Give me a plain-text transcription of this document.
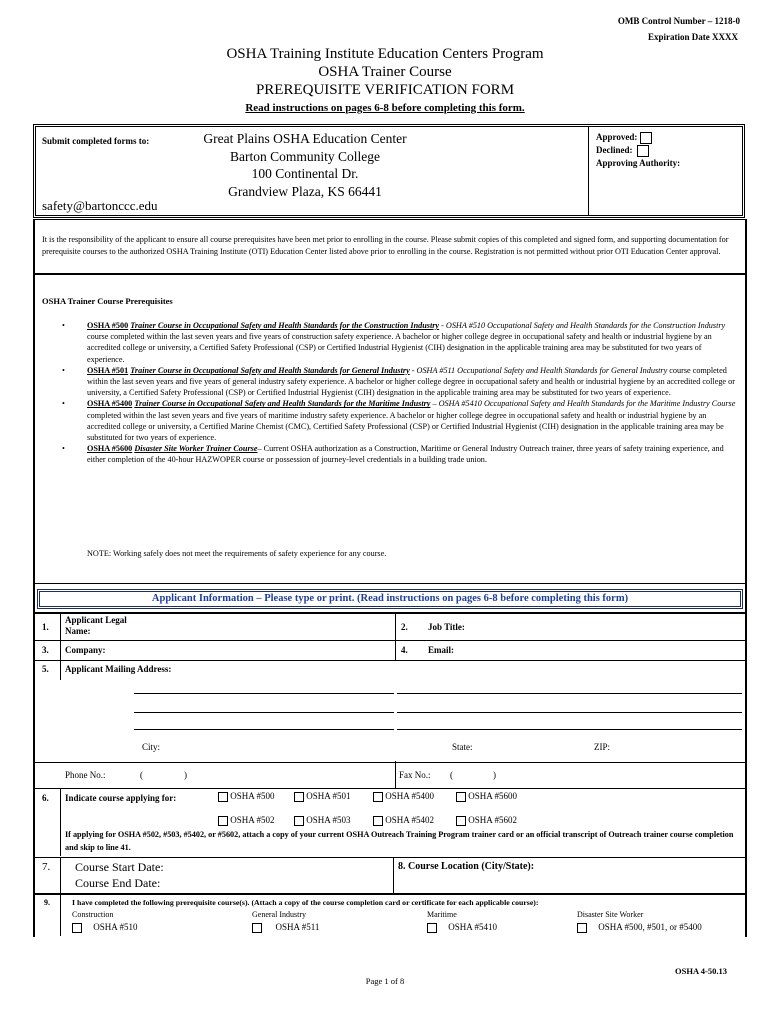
OMB Control Number – 1218-0
Expiration Date XXXX
OSHA Training Institute Education Centers Program
OSHA Trainer Course
PREREQUISITE VERIFICATION FORM
Read instructions on pages 6-8 before completing this form.
Submit completed forms to:	Great Plains OSHA Education Center
Barton Community College
100 Continental Dr.
Grandview Plaza, KS 66441
safety@bartonccc.edu
Approved:
Declined:
Approving Authority:
It is the responsibility of the applicant to ensure all course prerequisites have been met prior to enrolling in the course. Please submit copies of this completed and signed form, and supporting documentation for prerequisite courses to the authorized OSHA Training Institute (OTI) Education Center listed above prior to enrolling in the course. Registration is not permitted without prior OTI Education Center approval.
OSHA Trainer Course Prerequisites
•	OSHA #500 Trainer Course in Occupational Safety and Health Standards for the Construction Industry - OSHA #510 Occupational Safety and Health Standards for the Construction Industry course completed within the last seven years and five years of construction safety experience. A bachelor or higher college degree in occupational safety and health or industrial hygiene by an accredited college or university, a Certified Safety Professional (CSP) or Certified Industrial Hygienist (CIH) designation in the applicable training area may be substituted for two years of experience.
•	OSHA #501 Trainer Course in Occupational Safety and Health Standards for General Industry - OSHA #511 Occupational Safety and Health Standards for General Industry course completed within the last seven years and five years of general industry safety experience. A bachelor or higher college degree in occupational safety and health or industrial hygiene by an accredited college or university, a Certified Safety Professional (CSP) or Certified Industrial Hygienist (CIH) designation in the applicable training area may be substituted for two years of experience.
•	OSHA #5400 Trainer Course in Occupational Safety and Health Standards for the Maritime Industry – OSHA #5410 Occupational Safety and Health Standards for the Maritime Industry Course completed within the last seven years and five years of maritime industry safety experience. A bachelor or higher college degree in occupational safety and health or industrial hygiene by an accredited college or university, a Certified Marine Chemist (CMC), Certified Safety Professional (CSP) or Certified Industrial Hygienist (CIH) designation in the applicable training area may be substituted for two years of experience.
•	OSHA #5600 Disaster Site Worker Trainer Course– Current OSHA authorization as a Construction, Maritime or General Industry Outreach trainer, three years of safety training experience, and either completion of the 40-hour HAZWOPER course or possession of journey-level credentials in a building trade union.
NOTE: Working safely does not meet the requirements of safety experience for any course.
Applicant Information – Please type or print. (Read instructions on pages 6-8 before completing this form)
1.
Applicant Legal
Name:	2. Job Title:
3. Company:	4. Email:
5. Applicant Mailing Address:
City:	State:	ZIP:
Phone No.:	(	)	Fax No.: (	)
6. Indicate course applying for:	OSHA #500	OSHA #501	OSHA #5400	OSHA #5600
OSHA #502	OSHA #503	OSHA #5402	OSHA #5602
If applying for OSHA #502, #503, #5402, or #5602, attach a copy of your current OSHA Outreach Training Program trainer card or an official transcript of Outreach trainer course completion and skip to line 41.
7. Course Start Date:
Course End Date:
8. Course Location (City/State):
9.	I have completed the following prerequisite course(s). (Attach a copy of the course completion card or certificate for each applicable course):
Construction	General Industry	Maritime	Disaster Site Worker
OSHA #510	OSHA #511	OSHA #5410	OSHA #500, #501, or #5400
OSHA 4-50.13
Page 1 of 8
